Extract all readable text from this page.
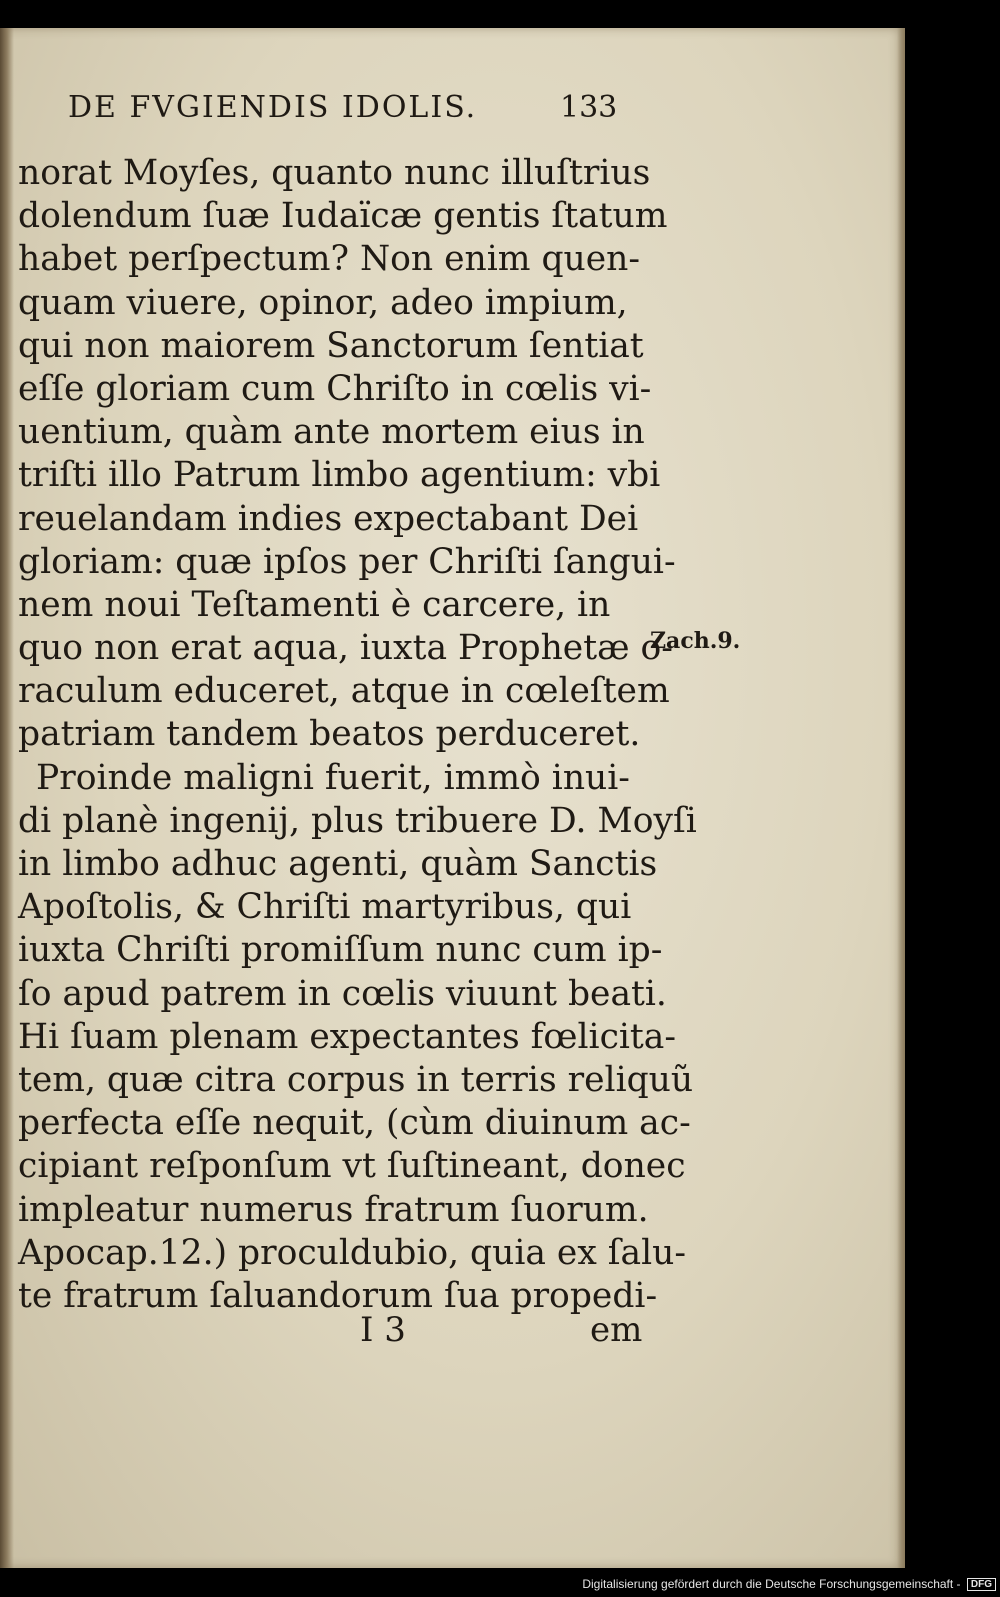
DE FVGIENDIS IDOLIS.	133
norat Moyſes, quanto nunc illuſtrius
dolendum ſuæ Iudaïcæ gentis ſtatum
habet perſpectum? Non enim quen-
quam viuere, opinor, adeo impium,
qui non maiorem Sanctorum ſentiat
eſſe gloriam cum Chriſto in cœlis vi-
uentium, quàm ante mortem eius in
triſti illo Patrum limbo agentium: vbi
reuelandam indies expectabant Dei
gloriam: quæ ipſos per Chriſti ſangui-
nem noui Teſtamenti è carcere, in
quo non erat aqua, iuxta Prophetæ o-
raculum educeret, atque in cœleſtem
patriam tandem beatos perduceret.
Proinde maligni fuerit, immò inui-
di planè ingenij, plus tribuere D. Moyſi
in limbo adhuc agenti, quàm Sanctis
Apoſtolis, & Chriſti martyribus, qui
iuxta Chriſti promiſſum nunc cum ip-
ſo apud patrem in cœlis viuunt beati.
Hi ſuam plenam expectantes fœlicita-
tem, quæ citra corpus in terris reliquũ
perfecta eſſe nequit, (cùm diuinum ac-
cipiant reſponſum vt ſuſtineant, donec
impleatur numerus fratrum ſuorum.
Apocap.12.) proculdubio, quia ex ſalu-
te fratrum ſaluandorum ſua propedi-
Zach.9.
I 3	em
Digitalisierung gefördert durch die Deutsche Forschungsgemeinschaft - DFG
